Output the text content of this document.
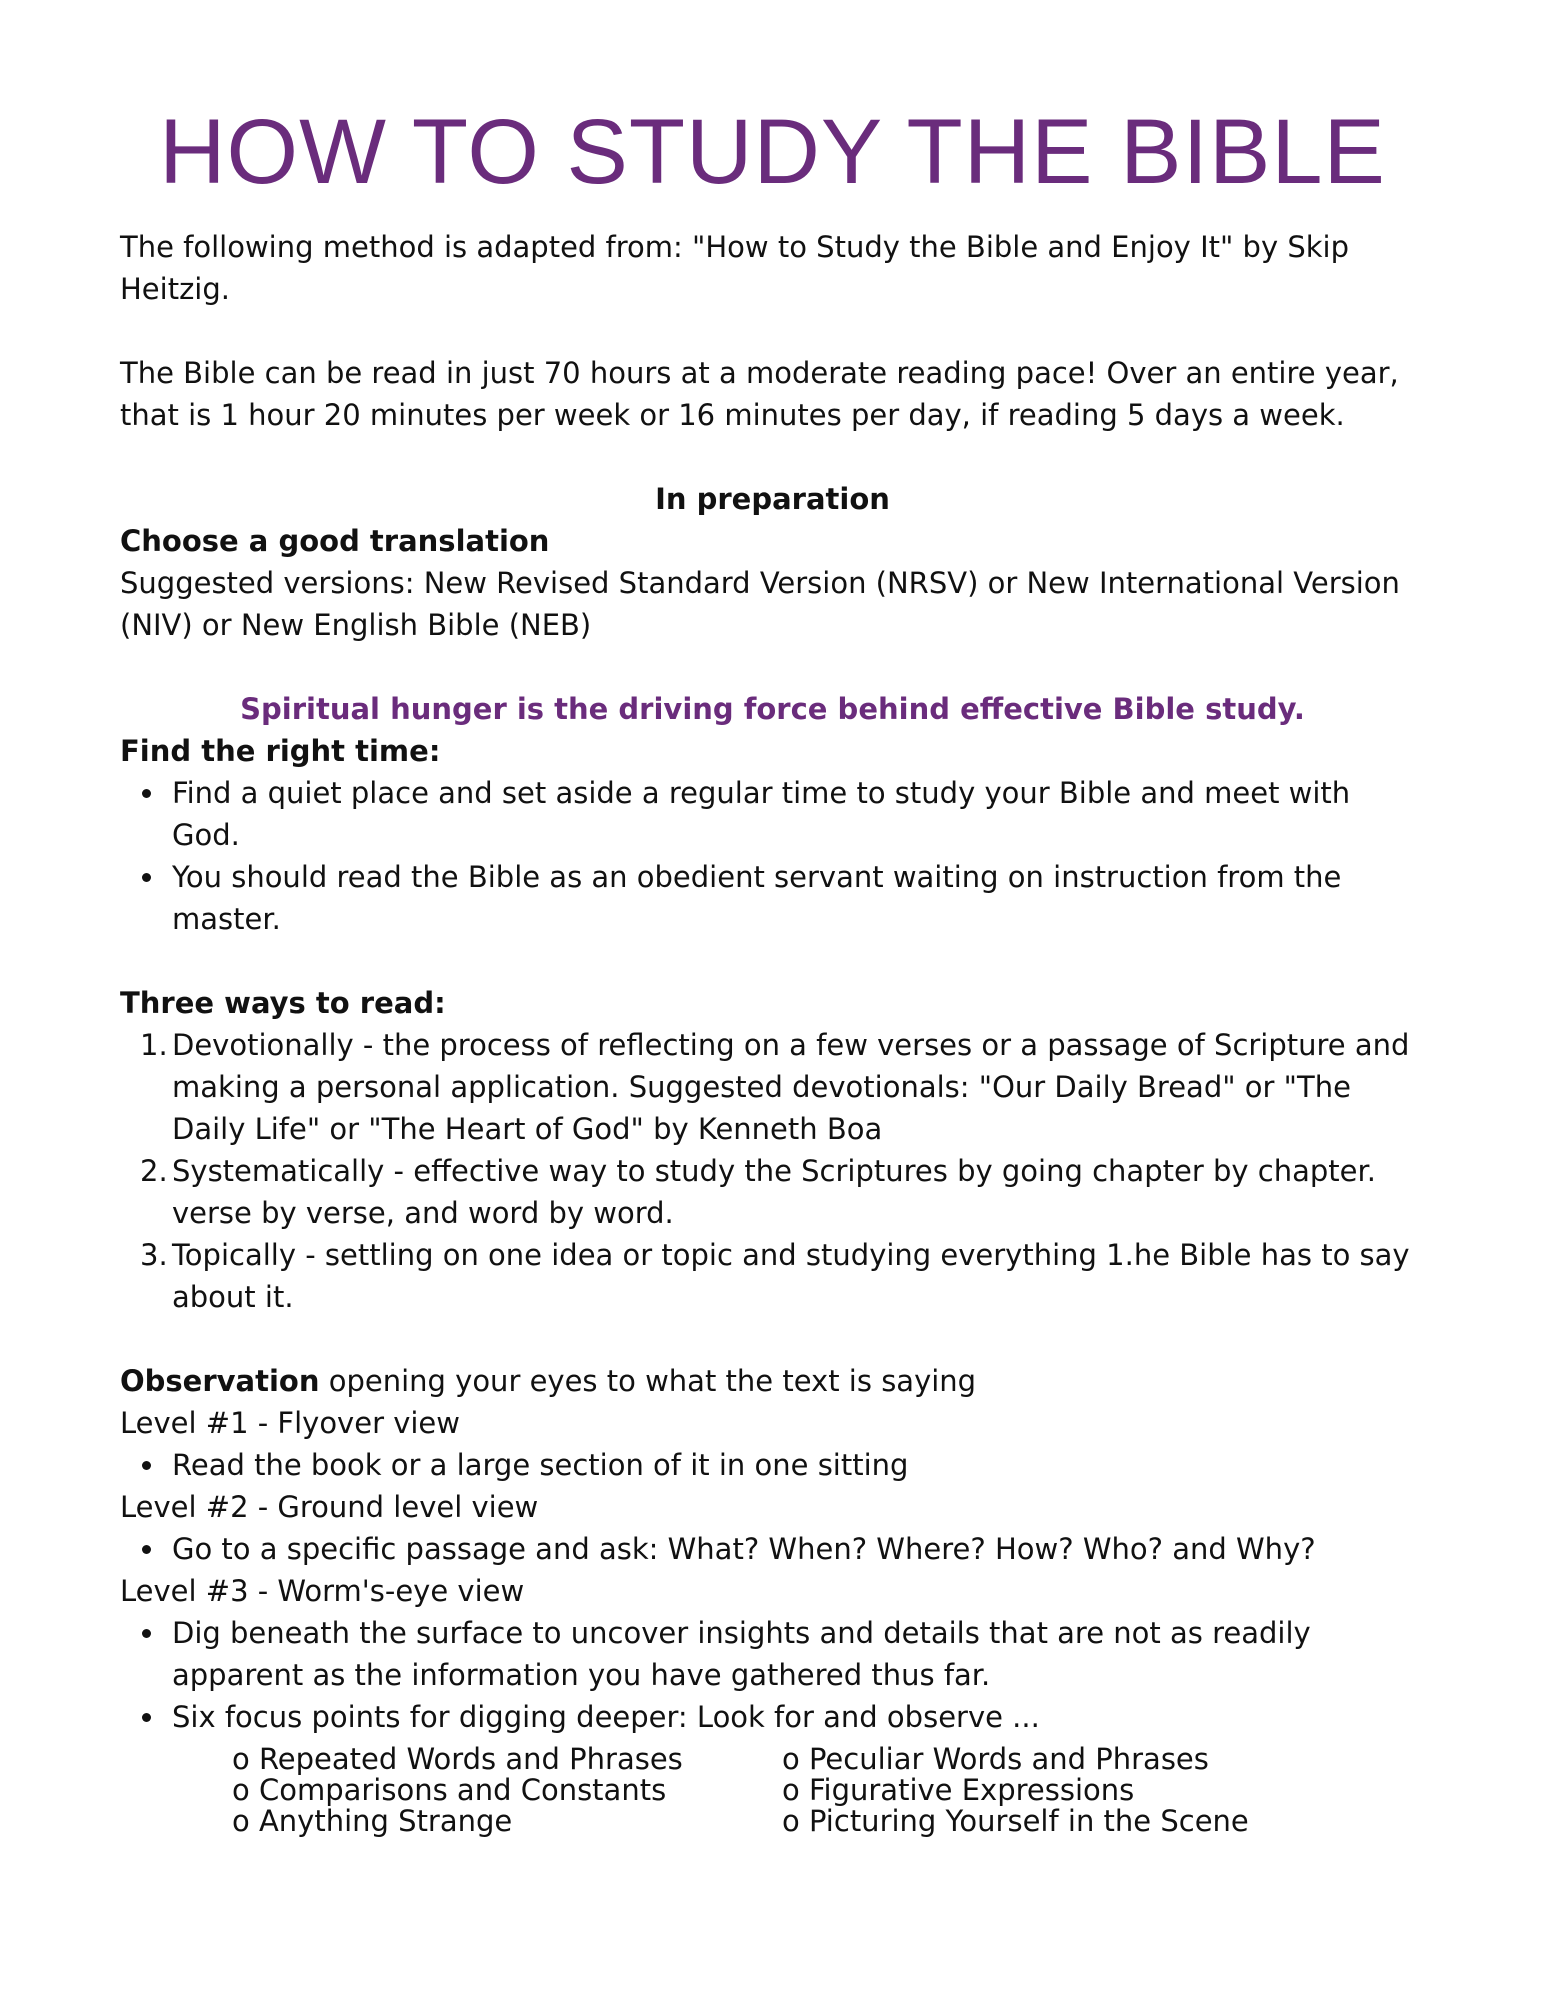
HOW TO STUDY THE BIBLE

The following method is adapted from: "How to Study the Bible and Enjoy It" by Skip Heitzig.

The Bible can be read in just 70 hours at a moderate reading pace! Over an entire year, that is 1 hour 20 minutes per week or 16 minutes per day, if reading 5 days a week.

In preparation

Choose a good translation

Suggested versions: New Revised Standard Version (NRSV) or New International Version (NIV) or New English Bible (NEB)

Spiritual hunger is the driving force behind effective Bible study.

Find the right time:

Find a quiet place and set aside a regular time to study your Bible and meet with God.
You should read the Bible as an obedient servant waiting on instruction from the master.

Three ways to read:

1. Devotionally - the process of reflecting on a few verses or a passage of Scripture and making a personal application. Suggested devotionals: "Our Daily Bread" or "The Daily Life" or "The Heart of God" by Kenneth Boa
2. Systematically - effective way to study the Scriptures by going chapter by chapter. verse by verse, and word by word.
3. Topically - settling on one idea or topic and studying everything 1.he Bible has to say about it.

Observation opening your eyes to what the text is saying

Level #1 - Flyover view

Read the book or a large section of it in one sitting

Level #2 - Ground level view

Go to a specific passage and ask: What? When? Where? How? Who? and Why?

Level #3 - Worm's-eye view

Dig beneath the surface to uncover insights and details that are not as readily apparent as the information you have gathered thus far.
Six focus points for digging deeper: Look for and observe ...
o Repeated Words and Phrases	o Peculiar Words and Phrases
o Comparisons and Constants	o Figurative Expressions
o Anything Strange	o Picturing Yourself in the Scene
